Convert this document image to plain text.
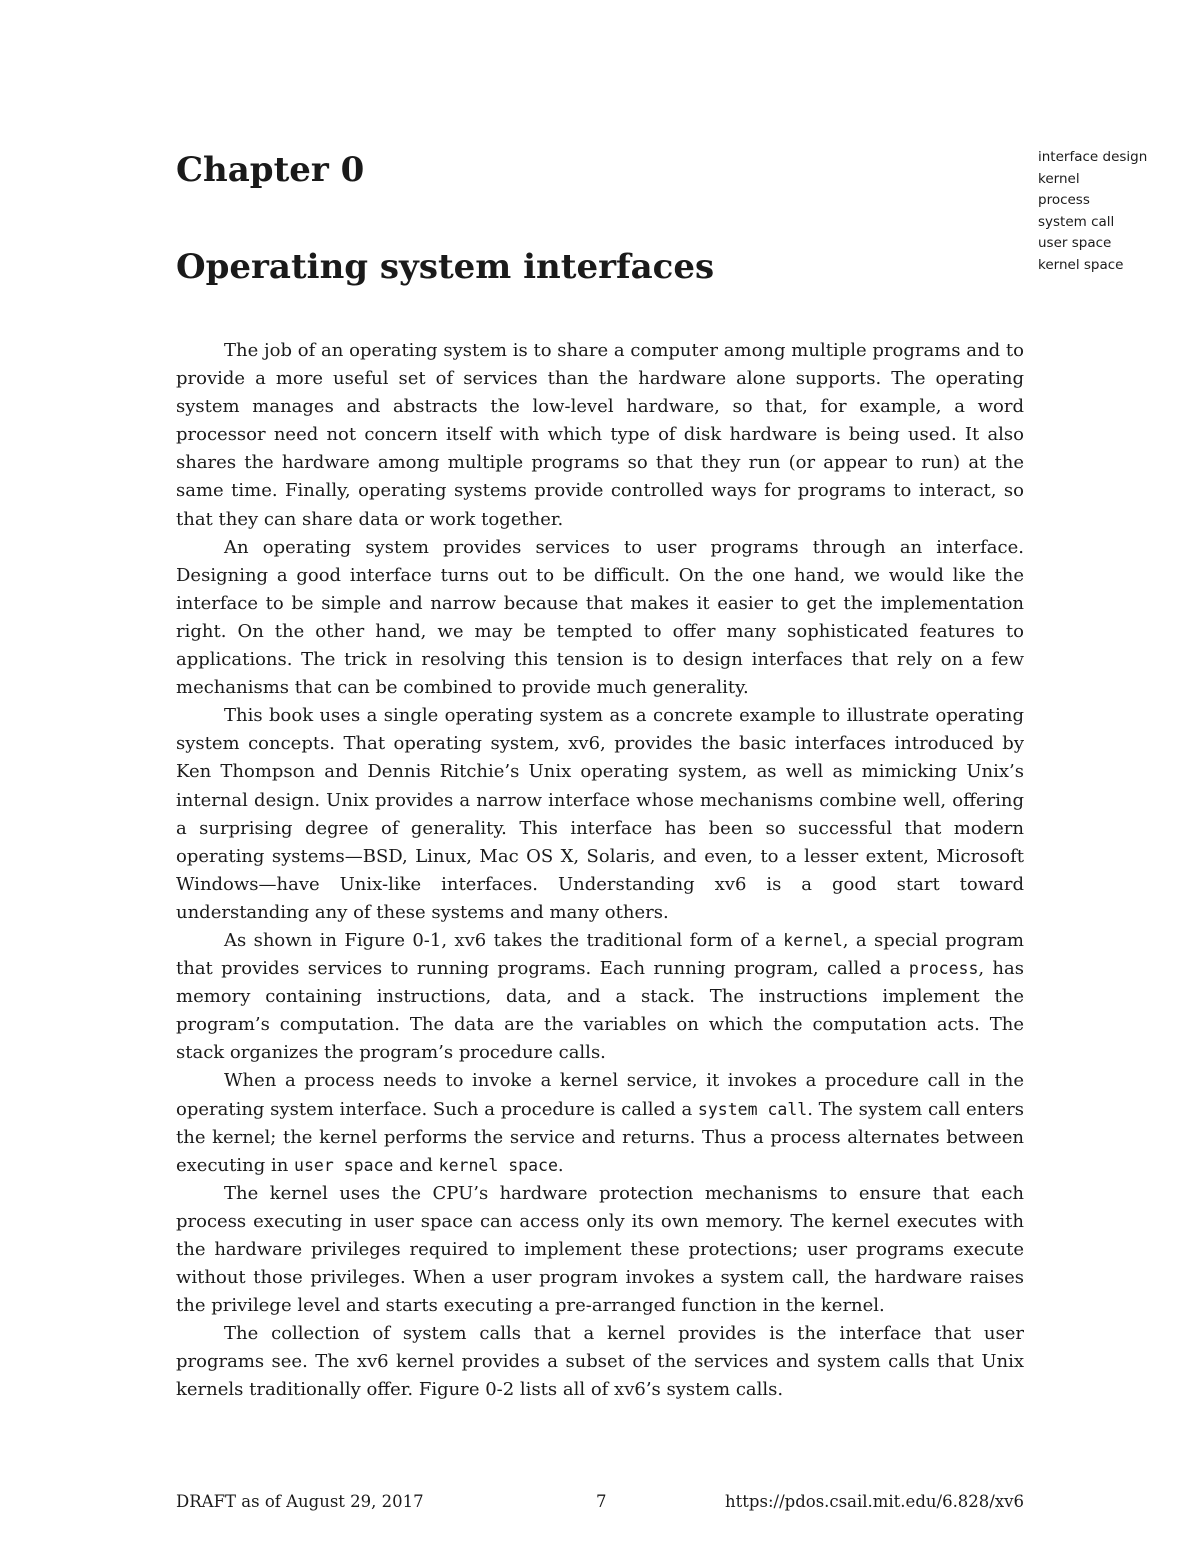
Chapter 0
Operating system interfaces
interface design
kernel
process
system call
user space
kernel space

The job of an operating system is to share a computer among multiple programs and to provide a more useful set of services than the hardware alone supports. The operating system manages and abstracts the low-level hardware, so that, for example, a word processor need not concern itself with which type of disk hardware is being used. It also shares the hardware among multiple programs so that they run (or appear to run) at the same time. Finally, operating systems provide controlled ways for programs to interact, so that they can share data or work together.

An operating system provides services to user programs through an interface. Designing a good interface turns out to be difficult. On the one hand, we would like the interface to be simple and narrow because that makes it easier to get the implementation right. On the other hand, we may be tempted to offer many sophisticated features to applications. The trick in resolving this tension is to design interfaces that rely on a few mechanisms that can be combined to provide much generality.

This book uses a single operating system as a concrete example to illustrate operating system concepts. That operating system, xv6, provides the basic interfaces introduced by Ken Thompson and Dennis Ritchie’s Unix operating system, as well as mimicking Unix’s internal design. Unix provides a narrow interface whose mechanisms combine well, offering a surprising degree of generality. This interface has been so successful that modern operating systems—BSD, Linux, Mac OS X, Solaris, and even, to a lesser extent, Microsoft Windows—have Unix-like interfaces. Understanding xv6 is a good start toward understanding any of these systems and many others.

As shown in Figure 0-1, xv6 takes the traditional form of a kernel, a special program that provides services to running programs. Each running program, called a process, has memory containing instructions, data, and a stack. The instructions implement the program’s computation. The data are the variables on which the computation acts. The stack organizes the program’s procedure calls.

When a process needs to invoke a kernel service, it invokes a procedure call in the operating system interface. Such a procedure is called a system call. The system call enters the kernel; the kernel performs the service and returns. Thus a process alternates between executing in user space and kernel space.

The kernel uses the CPU’s hardware protection mechanisms to ensure that each process executing in user space can access only its own memory. The kernel executes with the hardware privileges required to implement these protections; user programs execute without those privileges. When a user program invokes a system call, the hardware raises the privilege level and starts executing a pre-arranged function in the kernel.

The collection of system calls that a kernel provides is the interface that user programs see. The xv6 kernel provides a subset of the services and system calls that Unix kernels traditionally offer. Figure 0-2 lists all of xv6’s system calls.

DRAFT as of August 29, 2017	7	https://pdos.csail.mit.edu/6.828/xv6
